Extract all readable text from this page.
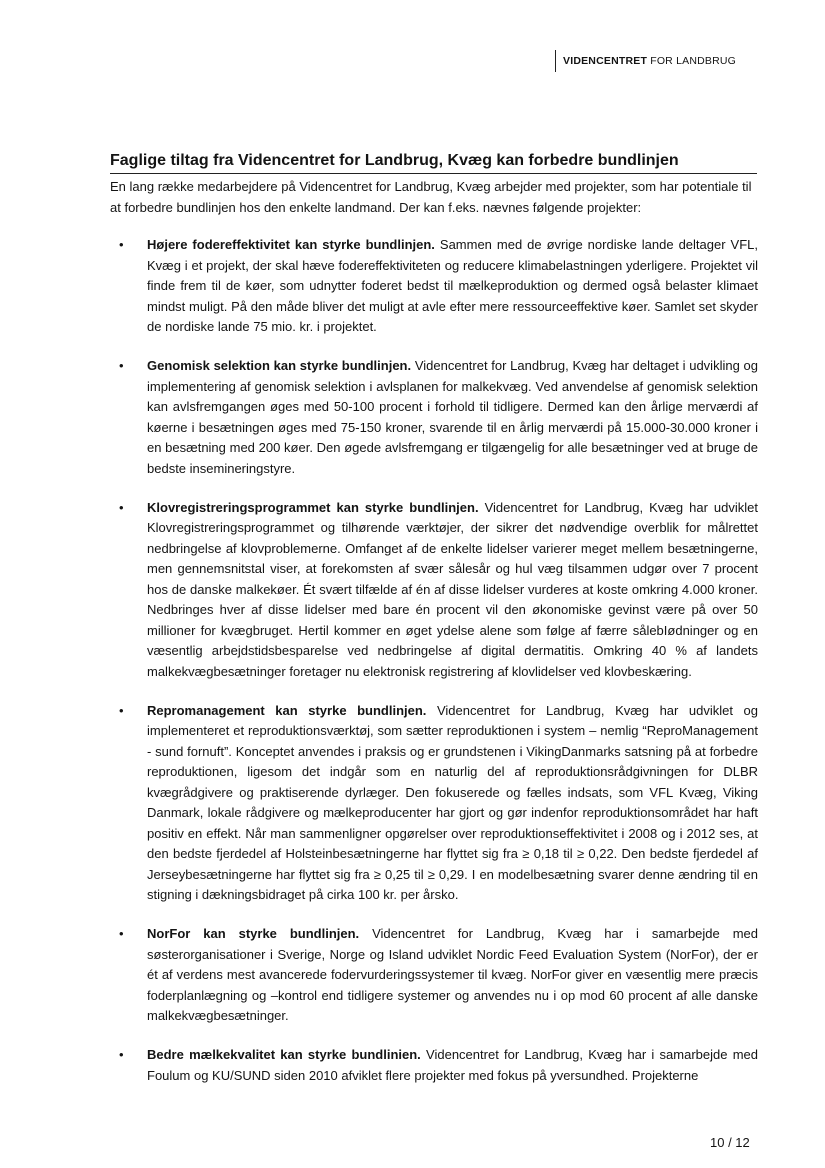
VIDENCENTRET FOR LANDBRUG
Faglige tiltag fra Videncentret for Landbrug, Kvæg kan forbedre bundlinjen

En lang række medarbejdere på Videncentret for Landbrug, Kvæg arbejder med projekter, som har potentiale til at forbedre bundlinjen hos den enkelte landmand. Der kan f.eks. nævnes følgende projekter:

• Højere fodereffektivitet kan styrke bundlinjen. Sammen med de øvrige nordiske lande deltager VFL, Kvæg i et projekt, der skal hæve fodereffektiviteten og reducere klimabelastningen yderligere. Projektet vil finde frem til de køer, som udnytter foderet bedst til mælkeproduktion og dermed også belaster klimaet mindst muligt. På den måde bliver det muligt at avle efter mere ressourceeffektive køer. Samlet set skyder de nordiske lande 75 mio. kr. i projektet.
• Genomisk selektion kan styrke bundlinjen. Videncentret for Landbrug, Kvæg har deltaget i udvikling og implementering af genomisk selektion i avlsplanen for malkekvæg. Ved anvendelse af genomisk selektion kan avlsfremgangen øges med 50-100 procent i forhold til tidligere. Dermed kan den årlige merværdi af køerne i besætningen øges med 75-150 kroner, svarende til en årlig merværdi på 15.000-30.000 kroner i en besætning med 200 køer. Den øgede avlsfremgang er tilgængelig for alle besætninger ved at bruge de bedste insemineringstyre.
• Klovregistreringsprogrammet kan styrke bundlinjen. Videncentret for Landbrug, Kvæg har udviklet Klovregistreringsprogrammet og tilhørende værktøjer, der sikrer det nødvendige overblik for målrettet nedbringelse af klovproblemerne. Omfanget af de enkelte lidelser varierer meget mellem besætningerne, men gennemsnitstal viser, at forekomsten af svær sålesår og hul væg tilsammen udgør over 7 procent hos de danske malkekøer. Ét svært tilfælde af én af disse lidelser vurderes at koste omkring 4.000 kroner. Nedbringes hver af disse lidelser med bare én procent vil den økonomiske gevinst være på over 50 millioner for kvægbruget. Hertil kommer en øget ydelse alene som følge af færre sålebIødninger og en væsentlig arbejdstidsbesparelse ved nedbringelse af digital dermatitis. Omkring 40 % af landets malkekvægbesætninger foretager nu elektronisk registrering af klovlidelser ved klovbeskæring.
• Repromanagement kan styrke bundlinjen. Videncentret for Landbrug, Kvæg har udviklet og implementeret et reproduktionsværktøj, som sætter reproduktionen i system – nemlig “ReproManagement - sund fornuft”. Konceptet anvendes i praksis og er grundstenen i VikingDanmarks satsning på at forbedre reproduktionen, ligesom det indgår som en naturlig del af reproduktionsrådgivningen for DLBR kvægrådgivere og praktiserende dyrlæger. Den fokuserede og fælles indsats, som VFL Kvæg, Viking Danmark, lokale rådgivere og mælkeproducenter har gjort og gør indenfor reproduktionsområdet har haft positiv en effekt. Når man sammenligner opgørelser over reproduktionseffektivitet i 2008 og i 2012 ses, at den bedste fjerdedel af Holsteinbesætningerne har flyttet sig fra ≥ 0,18 til ≥ 0,22. Den bedste fjerdedel af Jerseybesætningerne har flyttet sig fra ≥ 0,25 til ≥ 0,29. I en modelbesætning svarer denne ændring til en stigning i dækningsbidraget på cirka 100 kr. per årsko.
• NorFor kan styrke bundlinjen. Videncentret for Landbrug, Kvæg har i samarbejde med søsterorganisationer i Sverige, Norge og Island udviklet Nordic Feed Evaluation System (NorFor), der er ét af verdens mest avancerede fodervurderingssystemer til kvæg. NorFor giver en væsentlig mere præcis foderplanlægning og –kontrol end tidligere systemer og anvendes nu i op mod 60 procent af alle danske malkekvægbesætninger.
• Bedre mælkekvalitet kan styrke bundlinien. Videncentret for Landbrug, Kvæg har i samarbejde med Foulum og KU/SUND siden 2010 afviklet flere projekter med fokus på yversundhed. Projekterne
10 / 12
